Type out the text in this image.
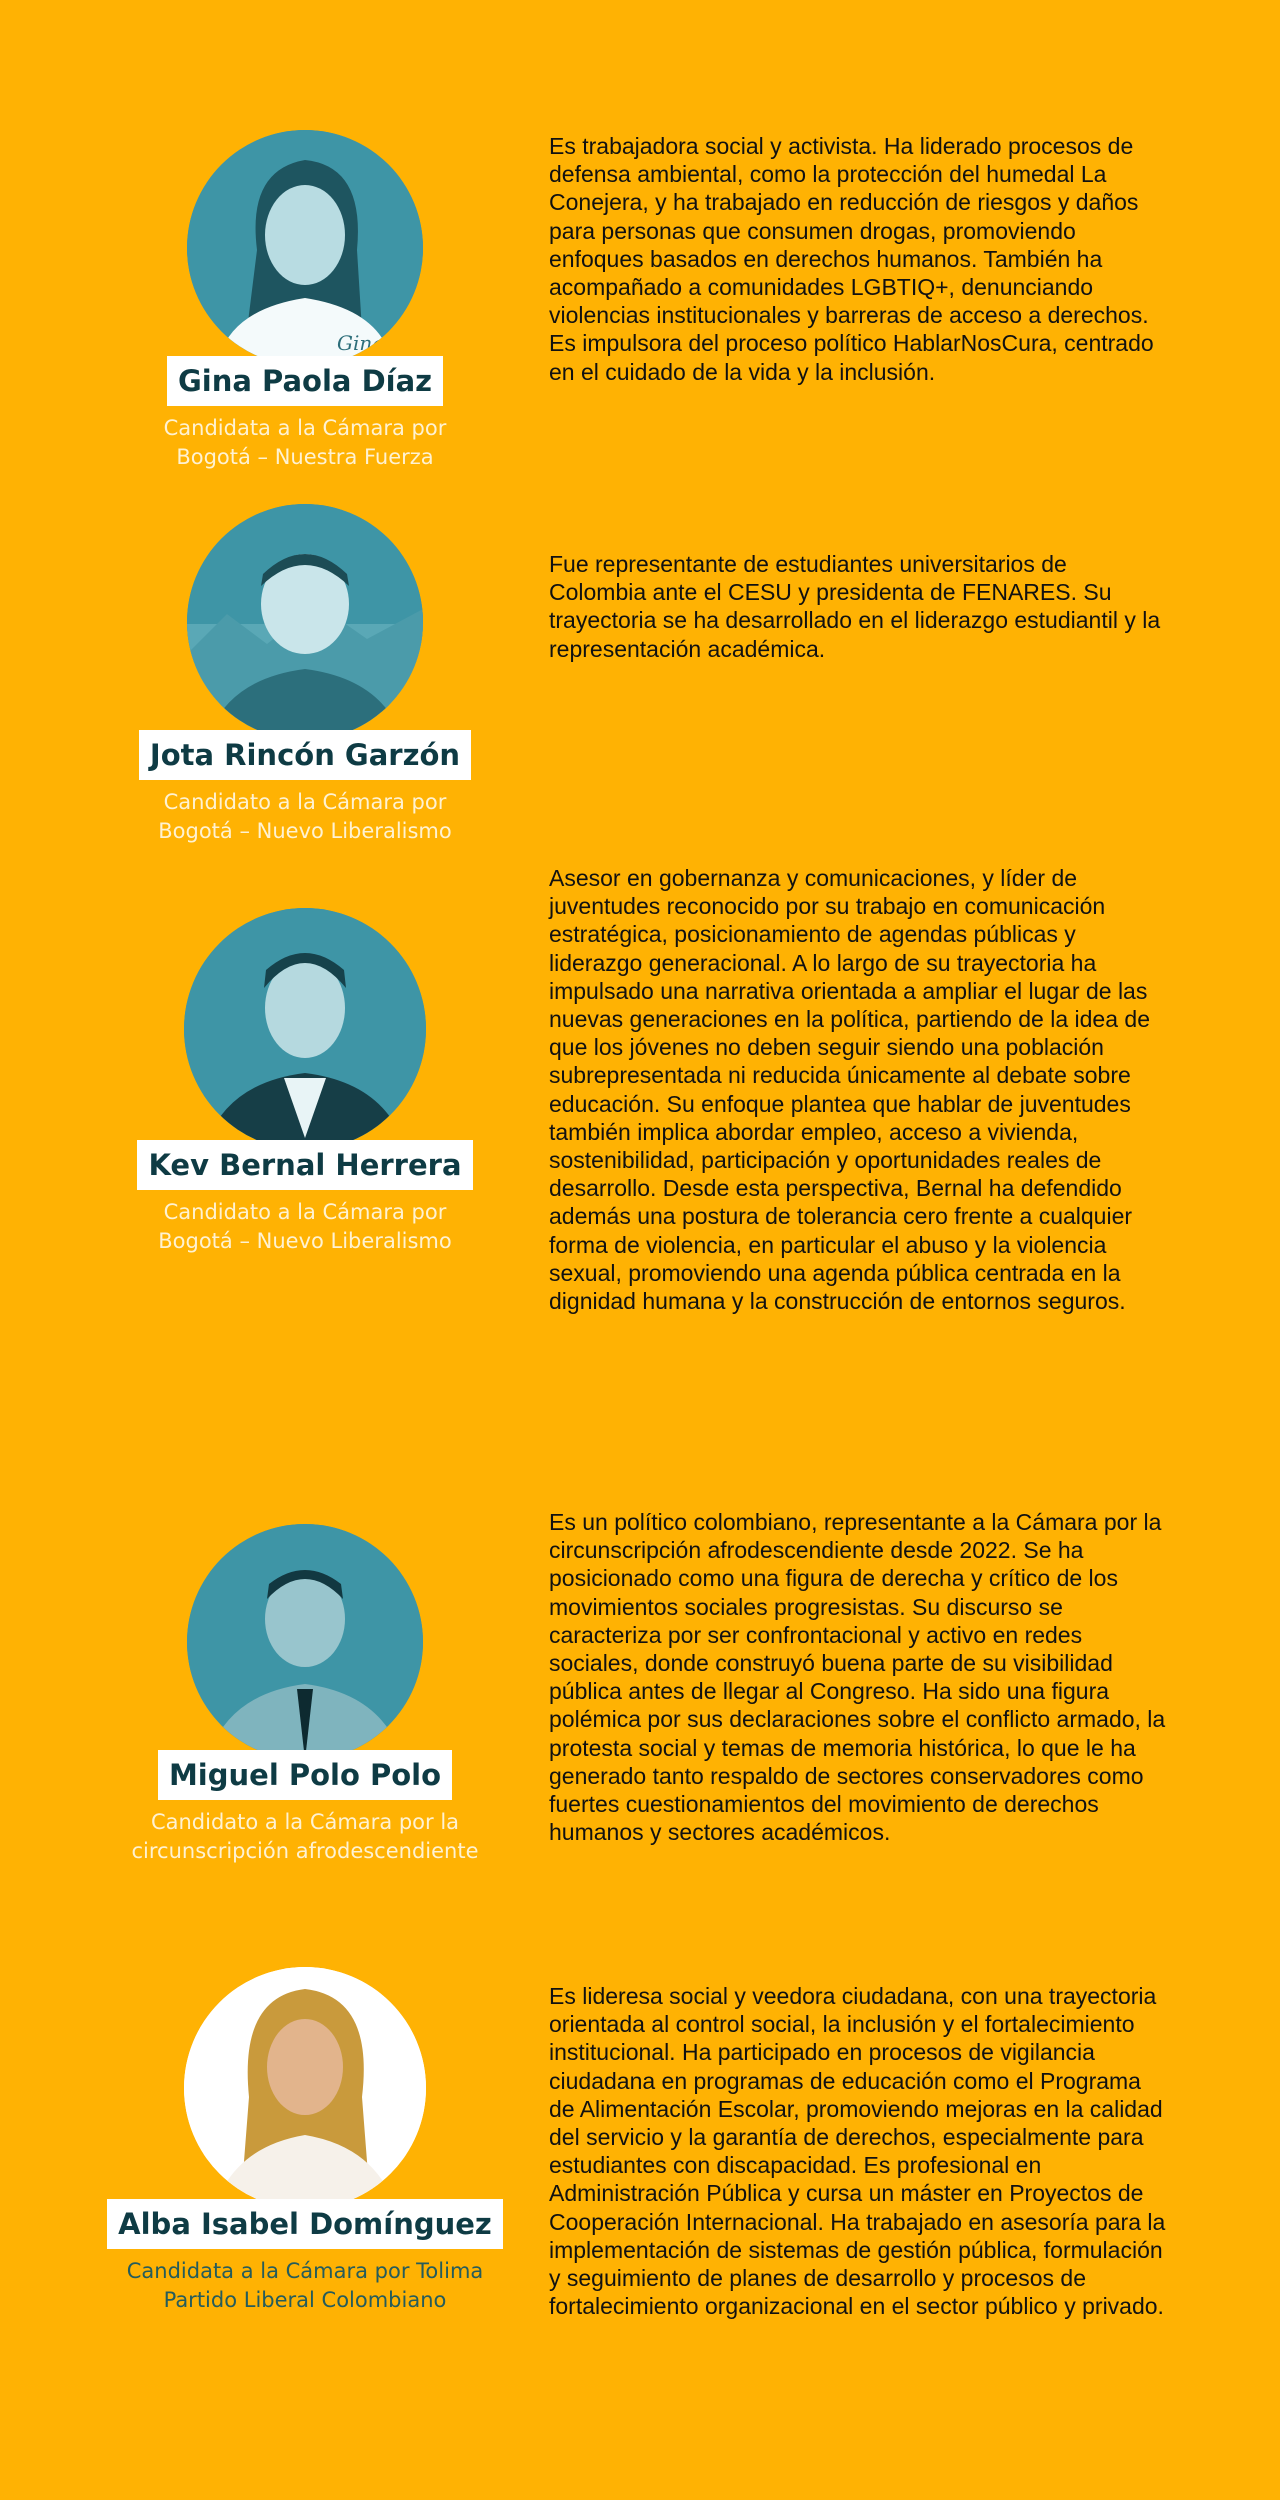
Gina
Gina Paola Díaz
Candidata a la Cámara por
Bogotá – Nuestra Fuerza

Es trabajadora social y activista. Ha liderado procesos de defensa ambiental, como la protección del humedal La Conejera, y ha trabajado en reducción de riesgos y daños para personas que consumen drogas, promoviendo enfoques basados en derechos humanos. También ha acompañado a comunidades LGBTIQ+, denunciando violencias institucionales y barreras de acceso a derechos. Es impulsora del proceso político HablarNosCura, centrado en el cuidado de la vida y la inclusión.

Jota Rincón Garzón
Candidato a la Cámara por
Bogotá – Nuevo Liberalismo

Fue representante de estudiantes universitarios de Colombia ante el CESU y presidenta de FENARES. Su trayectoria se ha desarrollado en el liderazgo estudiantil y la representación académica.

Kev Bernal Herrera
Candidato a la Cámara por
Bogotá – Nuevo Liberalismo

Asesor en gobernanza y comunicaciones, y líder de juventudes reconocido por su trabajo en comunicación estratégica, posicionamiento de agendas públicas y liderazgo generacional. A lo largo de su trayectoria ha impulsado una narrativa orientada a ampliar el lugar de las nuevas generaciones en la política, partiendo de la idea de que los jóvenes no deben seguir siendo una población subrepresentada ni reducida únicamente al debate sobre educación. Su enfoque plantea que hablar de juventudes también implica abordar empleo, acceso a vivienda, sostenibilidad, participación y oportunidades reales de desarrollo. Desde esta perspectiva, Bernal ha defendido además una postura de tolerancia cero frente a cualquier forma de violencia, en particular el abuso y la violencia sexual, promoviendo una agenda pública centrada en la dignidad humana y la construcción de entornos seguros.

Miguel Polo Polo
Candidato a la Cámara por la
circunscripción afrodescendiente

Es un político colombiano, representante a la Cámara por la circunscripción afrodescendiente desde 2022. Se ha posicionado como una figura de derecha y crítico de los movimientos sociales progresistas. Su discurso se caracteriza por ser confrontacional y activo en redes sociales, donde construyó buena parte de su visibilidad pública antes de llegar al Congreso. Ha sido una figura polémica por sus declaraciones sobre el conflicto armado, la protesta social y temas de memoria histórica, lo que le ha generado tanto respaldo de sectores conservadores como fuertes cuestionamientos del movimiento de derechos humanos y sectores académicos.

Alba Isabel Domínguez
Candidata a la Cámara por Tolima
Partido Liberal Colombiano

Es lideresa social y veedora ciudadana, con una trayectoria orientada al control social, la inclusión y el fortalecimiento institucional. Ha participado en procesos de vigilancia ciudadana en programas de educación como el Programa de Alimentación Escolar, promoviendo mejoras en la calidad del servicio y la garantía de derechos, especialmente para estudiantes con discapacidad. Es profesional en Administración Pública y cursa un máster en Proyectos de Cooperación Internacional. Ha trabajado en asesoría para la implementación de sistemas de gestión pública, formulación y seguimiento de planes de desarrollo y procesos de fortalecimiento organizacional en el sector público y privado.
